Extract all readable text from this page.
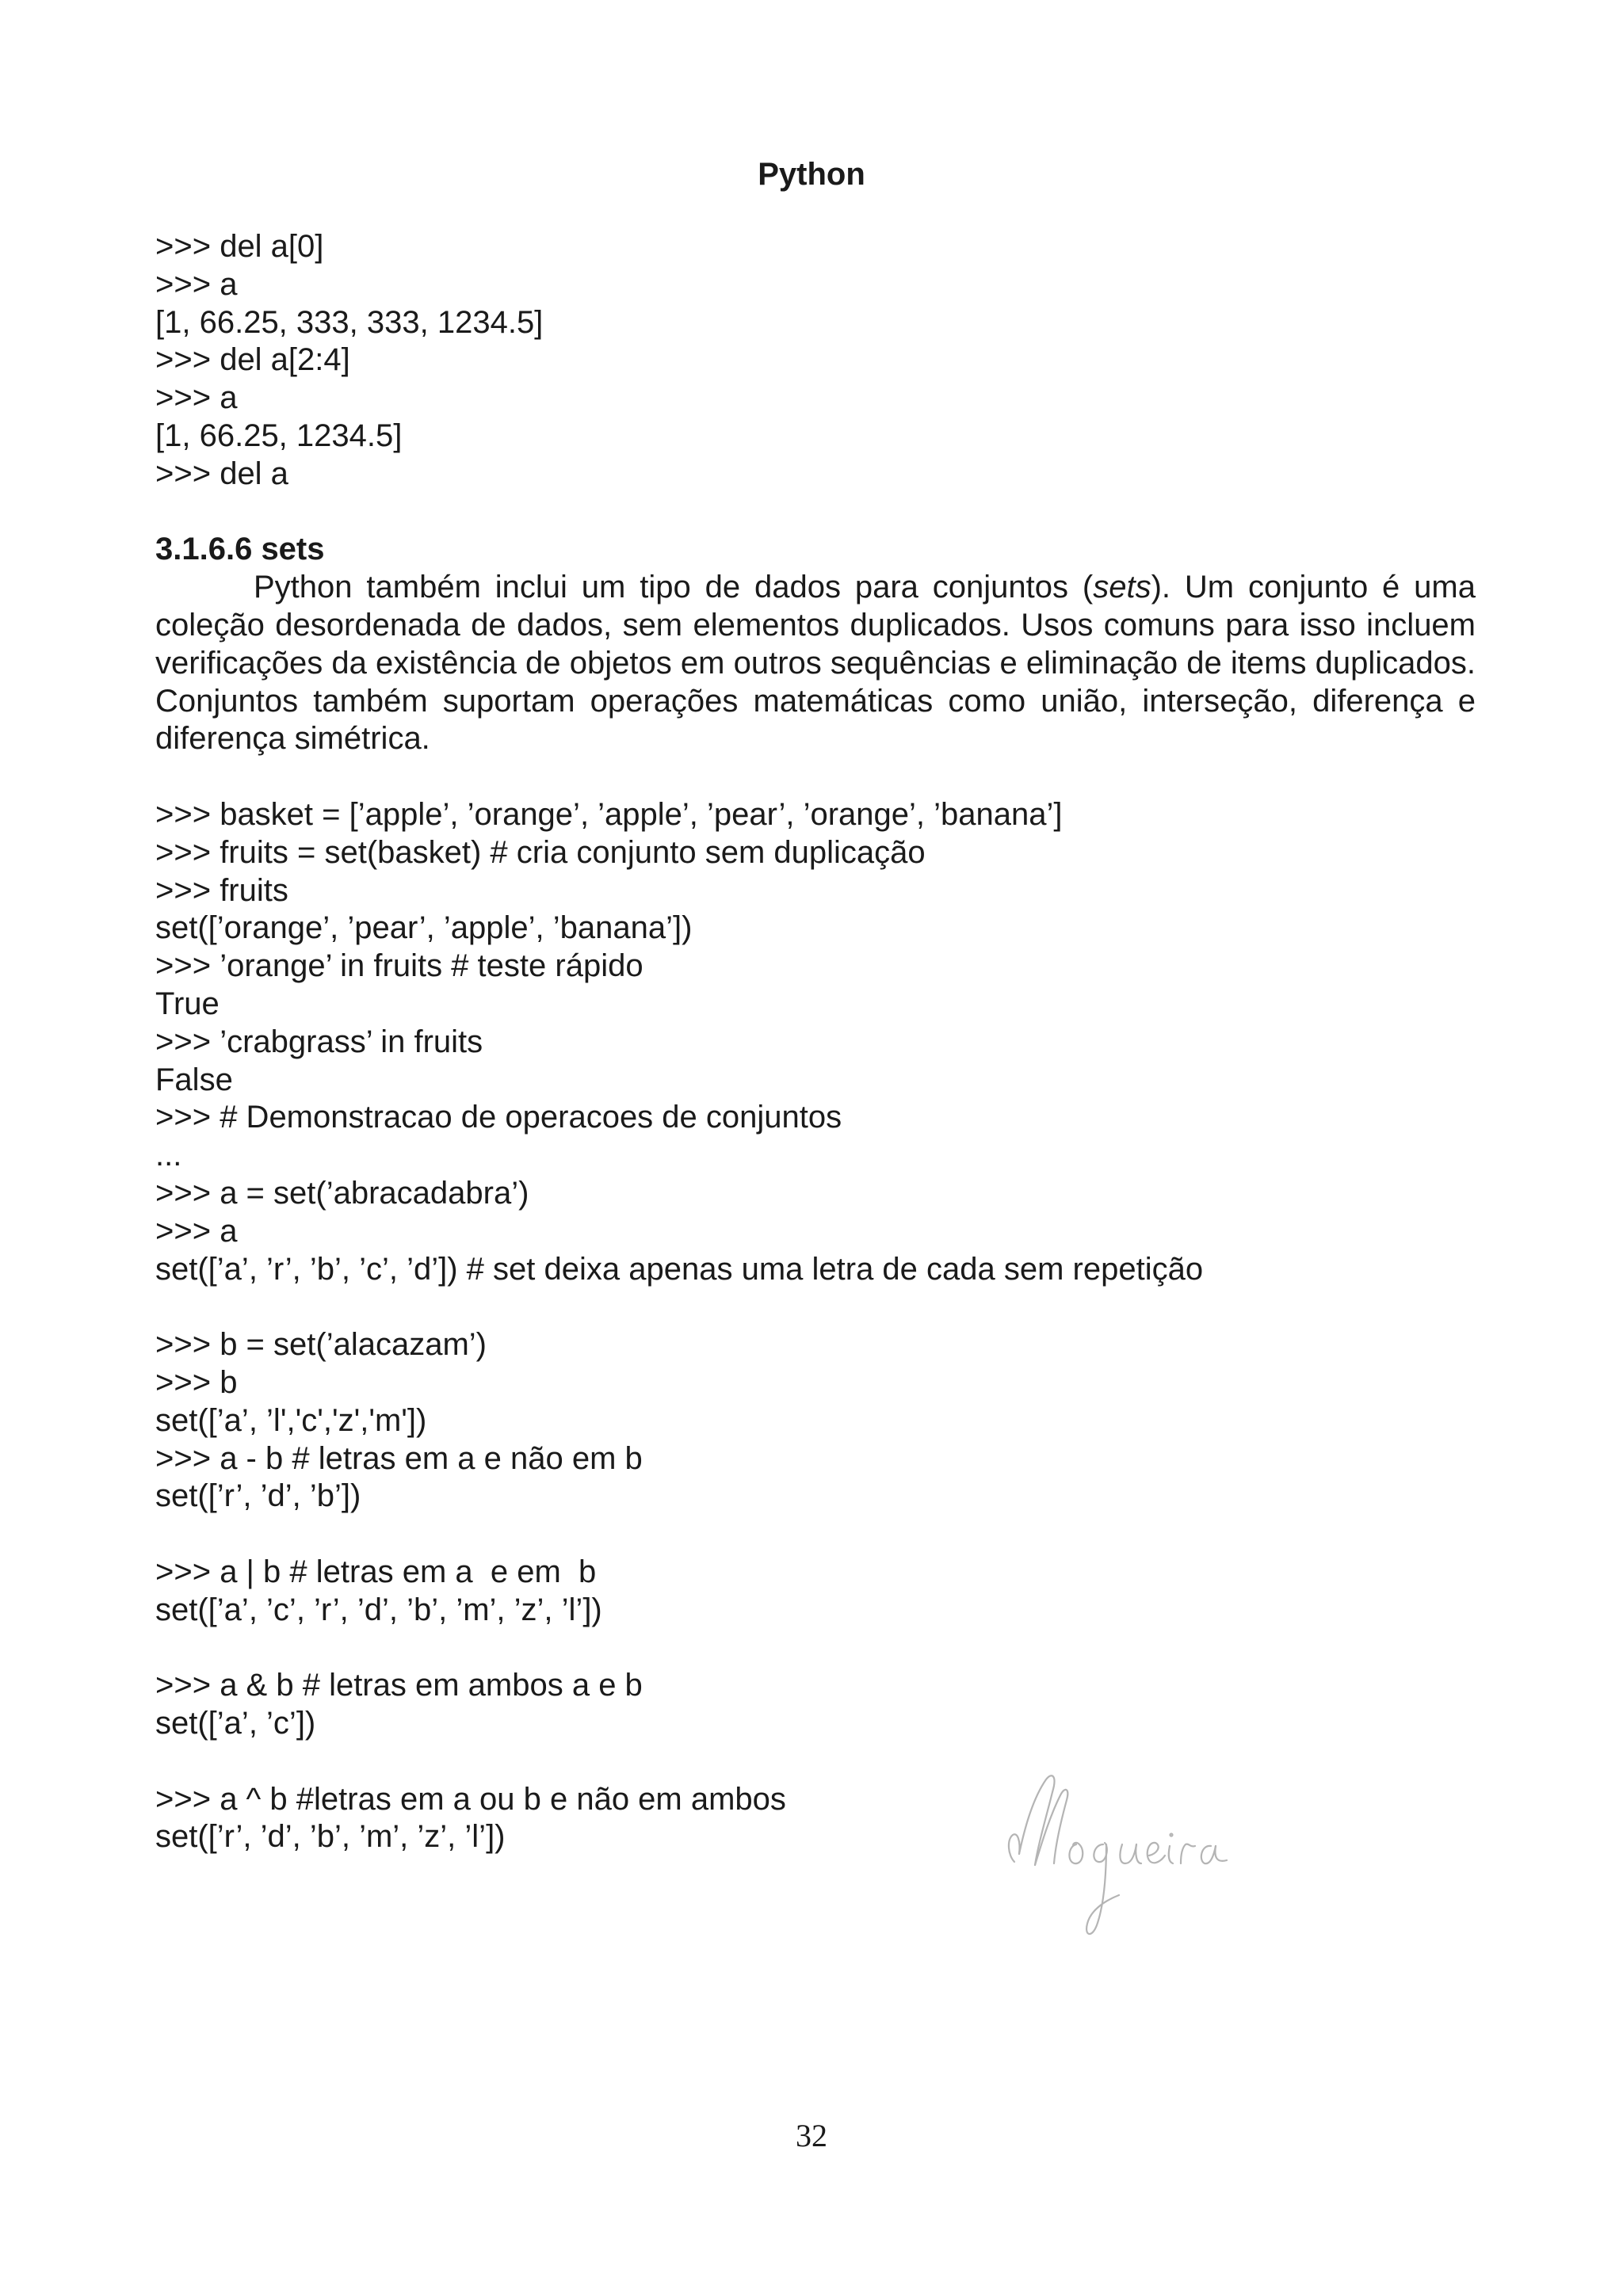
Python
>>> del a[0]
>>> a
[1, 66.25, 333, 333, 1234.5]
>>> del a[2:4]
>>> a
[1, 66.25, 1234.5]
>>> del a
3.1.6.6 sets

Python também inclui um tipo de dados para conjuntos (sets). Um conjunto é uma coleção desordenada de dados, sem elementos duplicados. Usos comuns para isso incluem verificações da existência de objetos em outros sequências e eliminação de items duplicados. Conjuntos também suportam operações matemáticas como união, interseção, diferença e diferença simétrica.

>>> basket = [’apple’, ’orange’, ’apple’, ’pear’, ’orange’, ’banana’]
>>> fruits = set(basket) # cria conjunto sem duplicação
>>> fruits
set([’orange’, ’pear’, ’apple’, ’banana’])
>>> ’orange’ in fruits # teste rápido
True
>>> ’crabgrass’ in fruits
False
>>> # Demonstracao de operacoes de conjuntos
...
>>> a = set(’abracadabra’)
>>> a
set([’a’, ’r’, ’b’, ’c’, ’d’]) # set deixa apenas uma letra de cada sem repetição
>>> b = set(’alacazam’)
>>> b
set([’a’, ’l','c','z','m'])
>>> a - b # letras em a e não em b
set([’r’, ’d’, ’b’])
>>> a | b # letras em a  e em  b
set([’a’, ’c’, ’r’, ’d’, ’b’, ’m’, ’z’, ’l’])
>>> a & b # letras em ambos a e b
set([’a’, ’c’])
>>> a ^ b #letras em a ou b e não em ambos
set([’r’, ’d’, ’b’, ’m’, ’z’, ’l’])
32
